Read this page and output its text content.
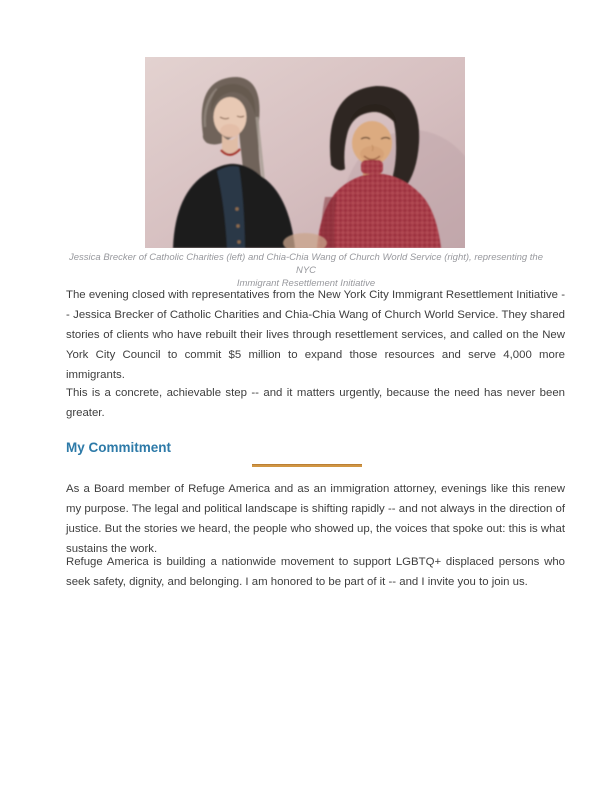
Jessica Brecker of Catholic Charities (left) and Chia-Chia Wang of Church World Service (right), representing the NYC
Immigrant Resettlement Initiative

The evening closed with representatives from the New York City Immigrant Resettlement Initiative -- Jessica Brecker of Catholic Charities and Chia-Chia Wang of Church World Service. They shared stories of clients who have rebuilt their lives through resettlement services, and called on the New York City Council to commit $5 million to expand those resources and serve 4,000 more immigrants.

This is a concrete, achievable step -- and it matters urgently, because the need has never been greater.

My Commitment

As a Board member of Refuge America and as an immigration attorney, evenings like this renew my purpose. The legal and political landscape is shifting rapidly -- and not always in the direction of justice. But the stories we heard, the people who showed up, the voices that spoke out: this is what sustains the work.

Refuge America is building a nationwide movement to support LGBTQ+ displaced persons who seek safety, dignity, and belonging. I am honored to be part of it -- and I invite you to join us.
